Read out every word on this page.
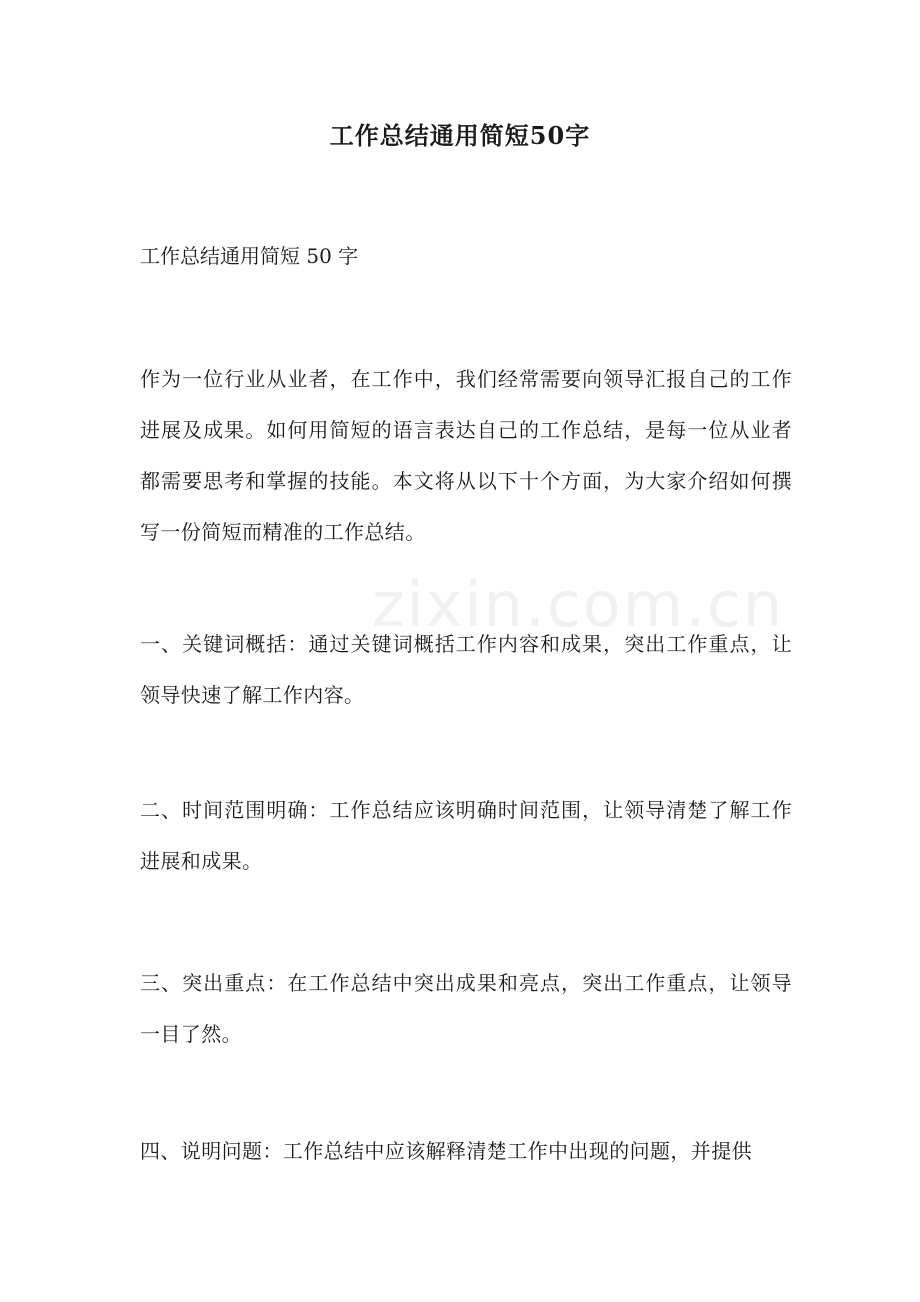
zixin.com.cn
工作总结通用简短50字
工作总结通用简短 50 字
作为一位行业从业者，在工作中，我们经常需要向领导汇报自己的工作进展及成果。如何用简短的语言表达自己的工作总结，是每一位从业者都需要思考和掌握的技能。本文将从以下十个方面，为大家介绍如何撰写一份简短而精准的工作总结。
一、关键词概括：通过关键词概括工作内容和成果，突出工作重点，让领导快速了解工作内容。
二、时间范围明确：工作总结应该明确时间范围，让领导清楚了解工作进展和成果。
三、突出重点：在工作总结中突出成果和亮点，突出工作重点，让领导一目了然。
四、说明问题：工作总结中应该解释清楚工作中出现的问题，并提供
